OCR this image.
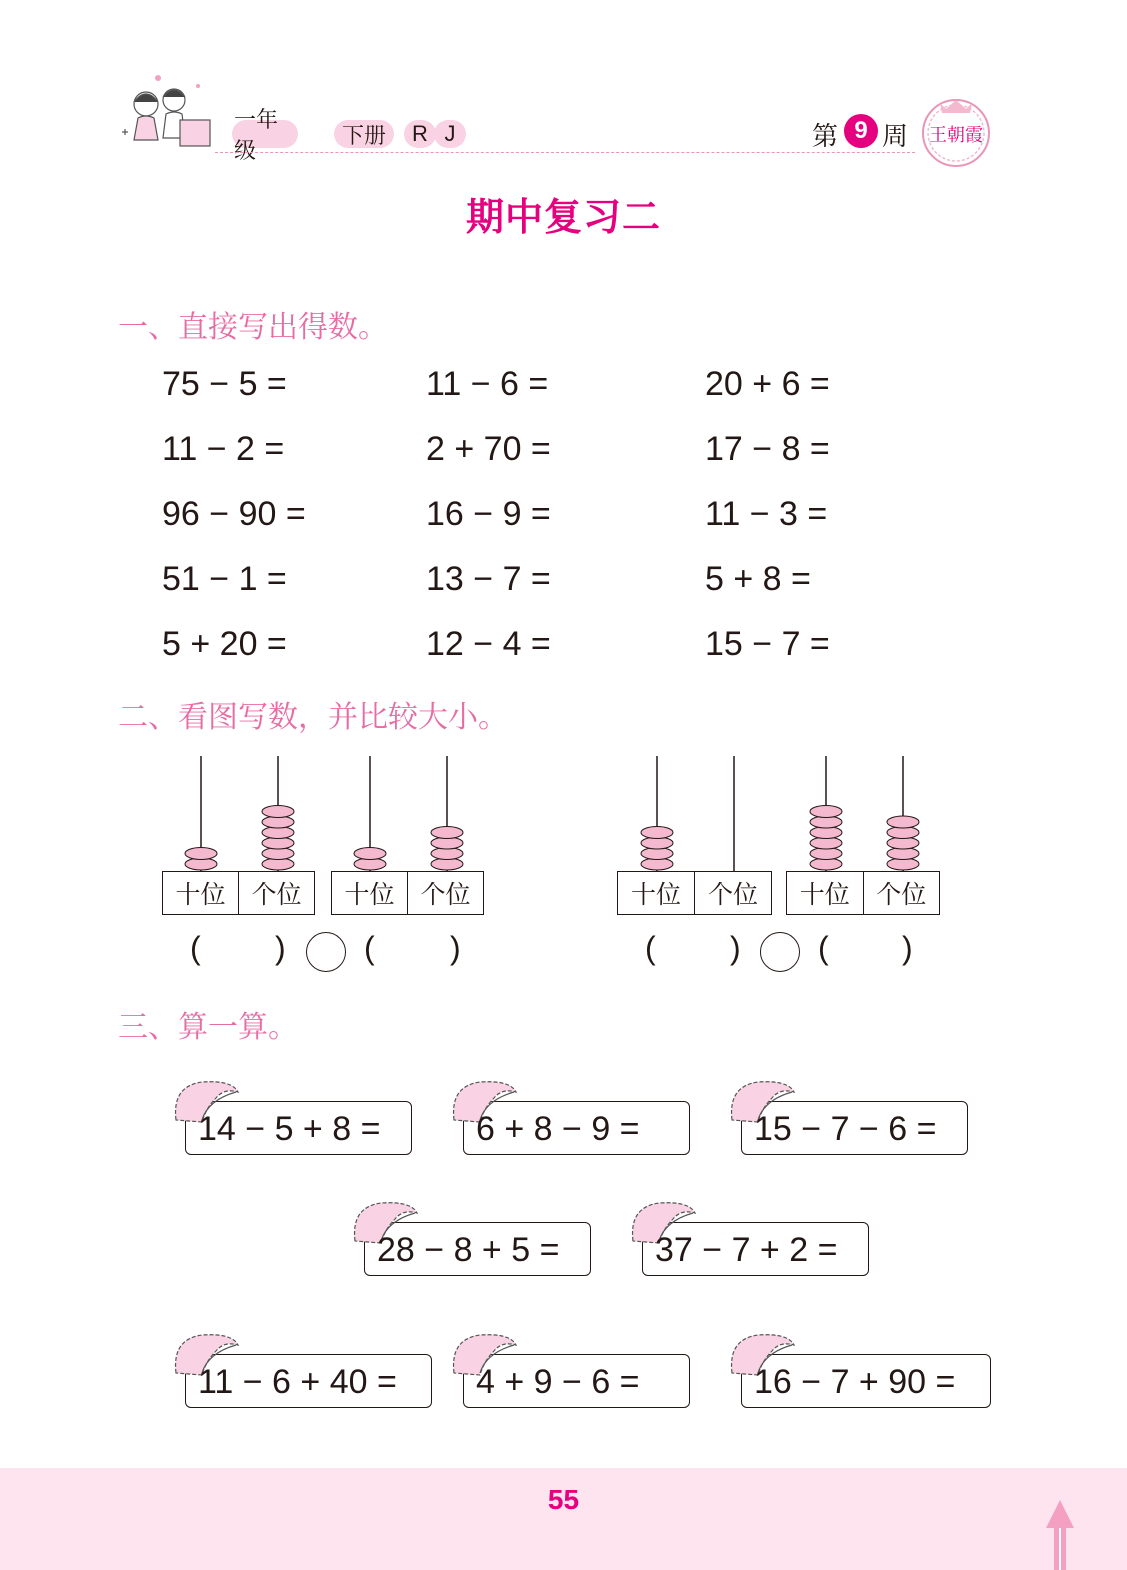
一年级
下册 R J	第 9 周 王朝霞
期中复习二
一、直接写出得数。
75 − 5 =	11 − 6 =	20 + 6 =
11 − 2 =	2 + 70 =	17 − 8 =
96 − 90 =	16 − 9 =	11 − 3 =
51 − 1 =	13 − 7 =	5 + 8 =
5 + 20 =	12 − 4 =	15 − 7 =
二、看图写数，并比较大小。
十位	个位	十位	个位	十位	个位	十位	个位
( ) ( )	( ) ( )
三、算一算。
14 − 5 + 8 =	6 + 8 − 9 =	15 − 7 − 6 =
28 − 8 + 5 =	37 − 7 + 2 =
11 − 6 + 40 = 4 + 9 − 6 =	16 − 7 + 90 =
55
